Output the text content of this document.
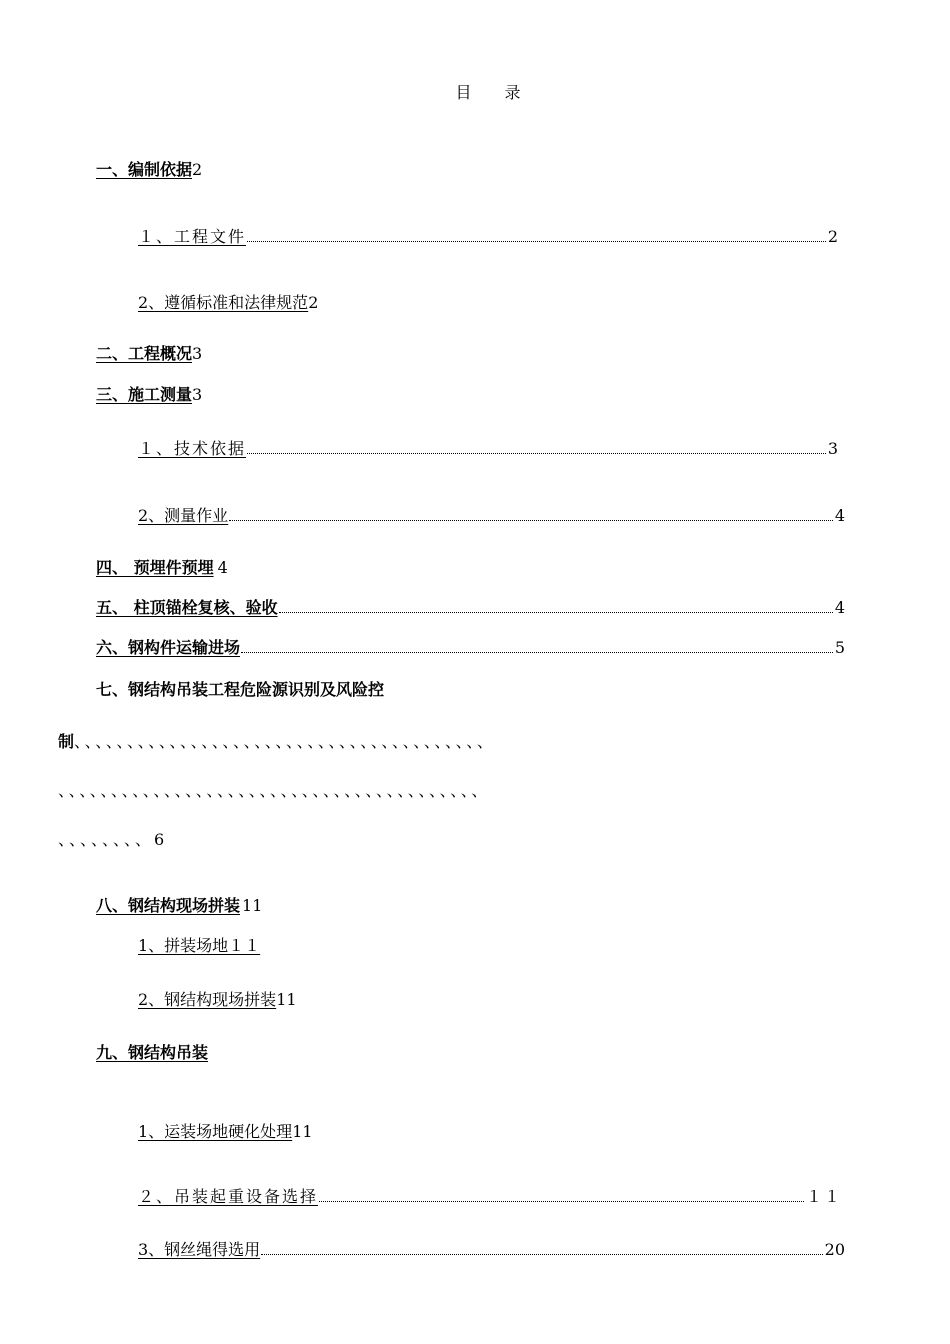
目 录
一、编制依据 2
１、工程文件	2
2、遵循标准和法律规范 2
二、工程概况 3
三、施工测量 3
１、技术依据	3
2、测量作业	4
四、 预埋件预埋 4
五、 柱顶锚栓复核、验收	4
六、钢构件运输进场	5
七、钢结构吊装工程危险源识别及风险控
制、、、、、、、、、、、、、、、、、、、、、、、、、、、、、、、、、、、、、、、
、、、、、、、、、、、、、、、、、、、、、、、、、、、、、、、、、、、、、、、、
、、、、、、、、6
八、钢结构现场拼装 11
1、拼装场地１１
2、钢结构现场拼装 11
九、钢结构吊装
1、运装场地硬化处理 11
２、吊装起重设备选择	１１
3、钢丝绳得选用	20
